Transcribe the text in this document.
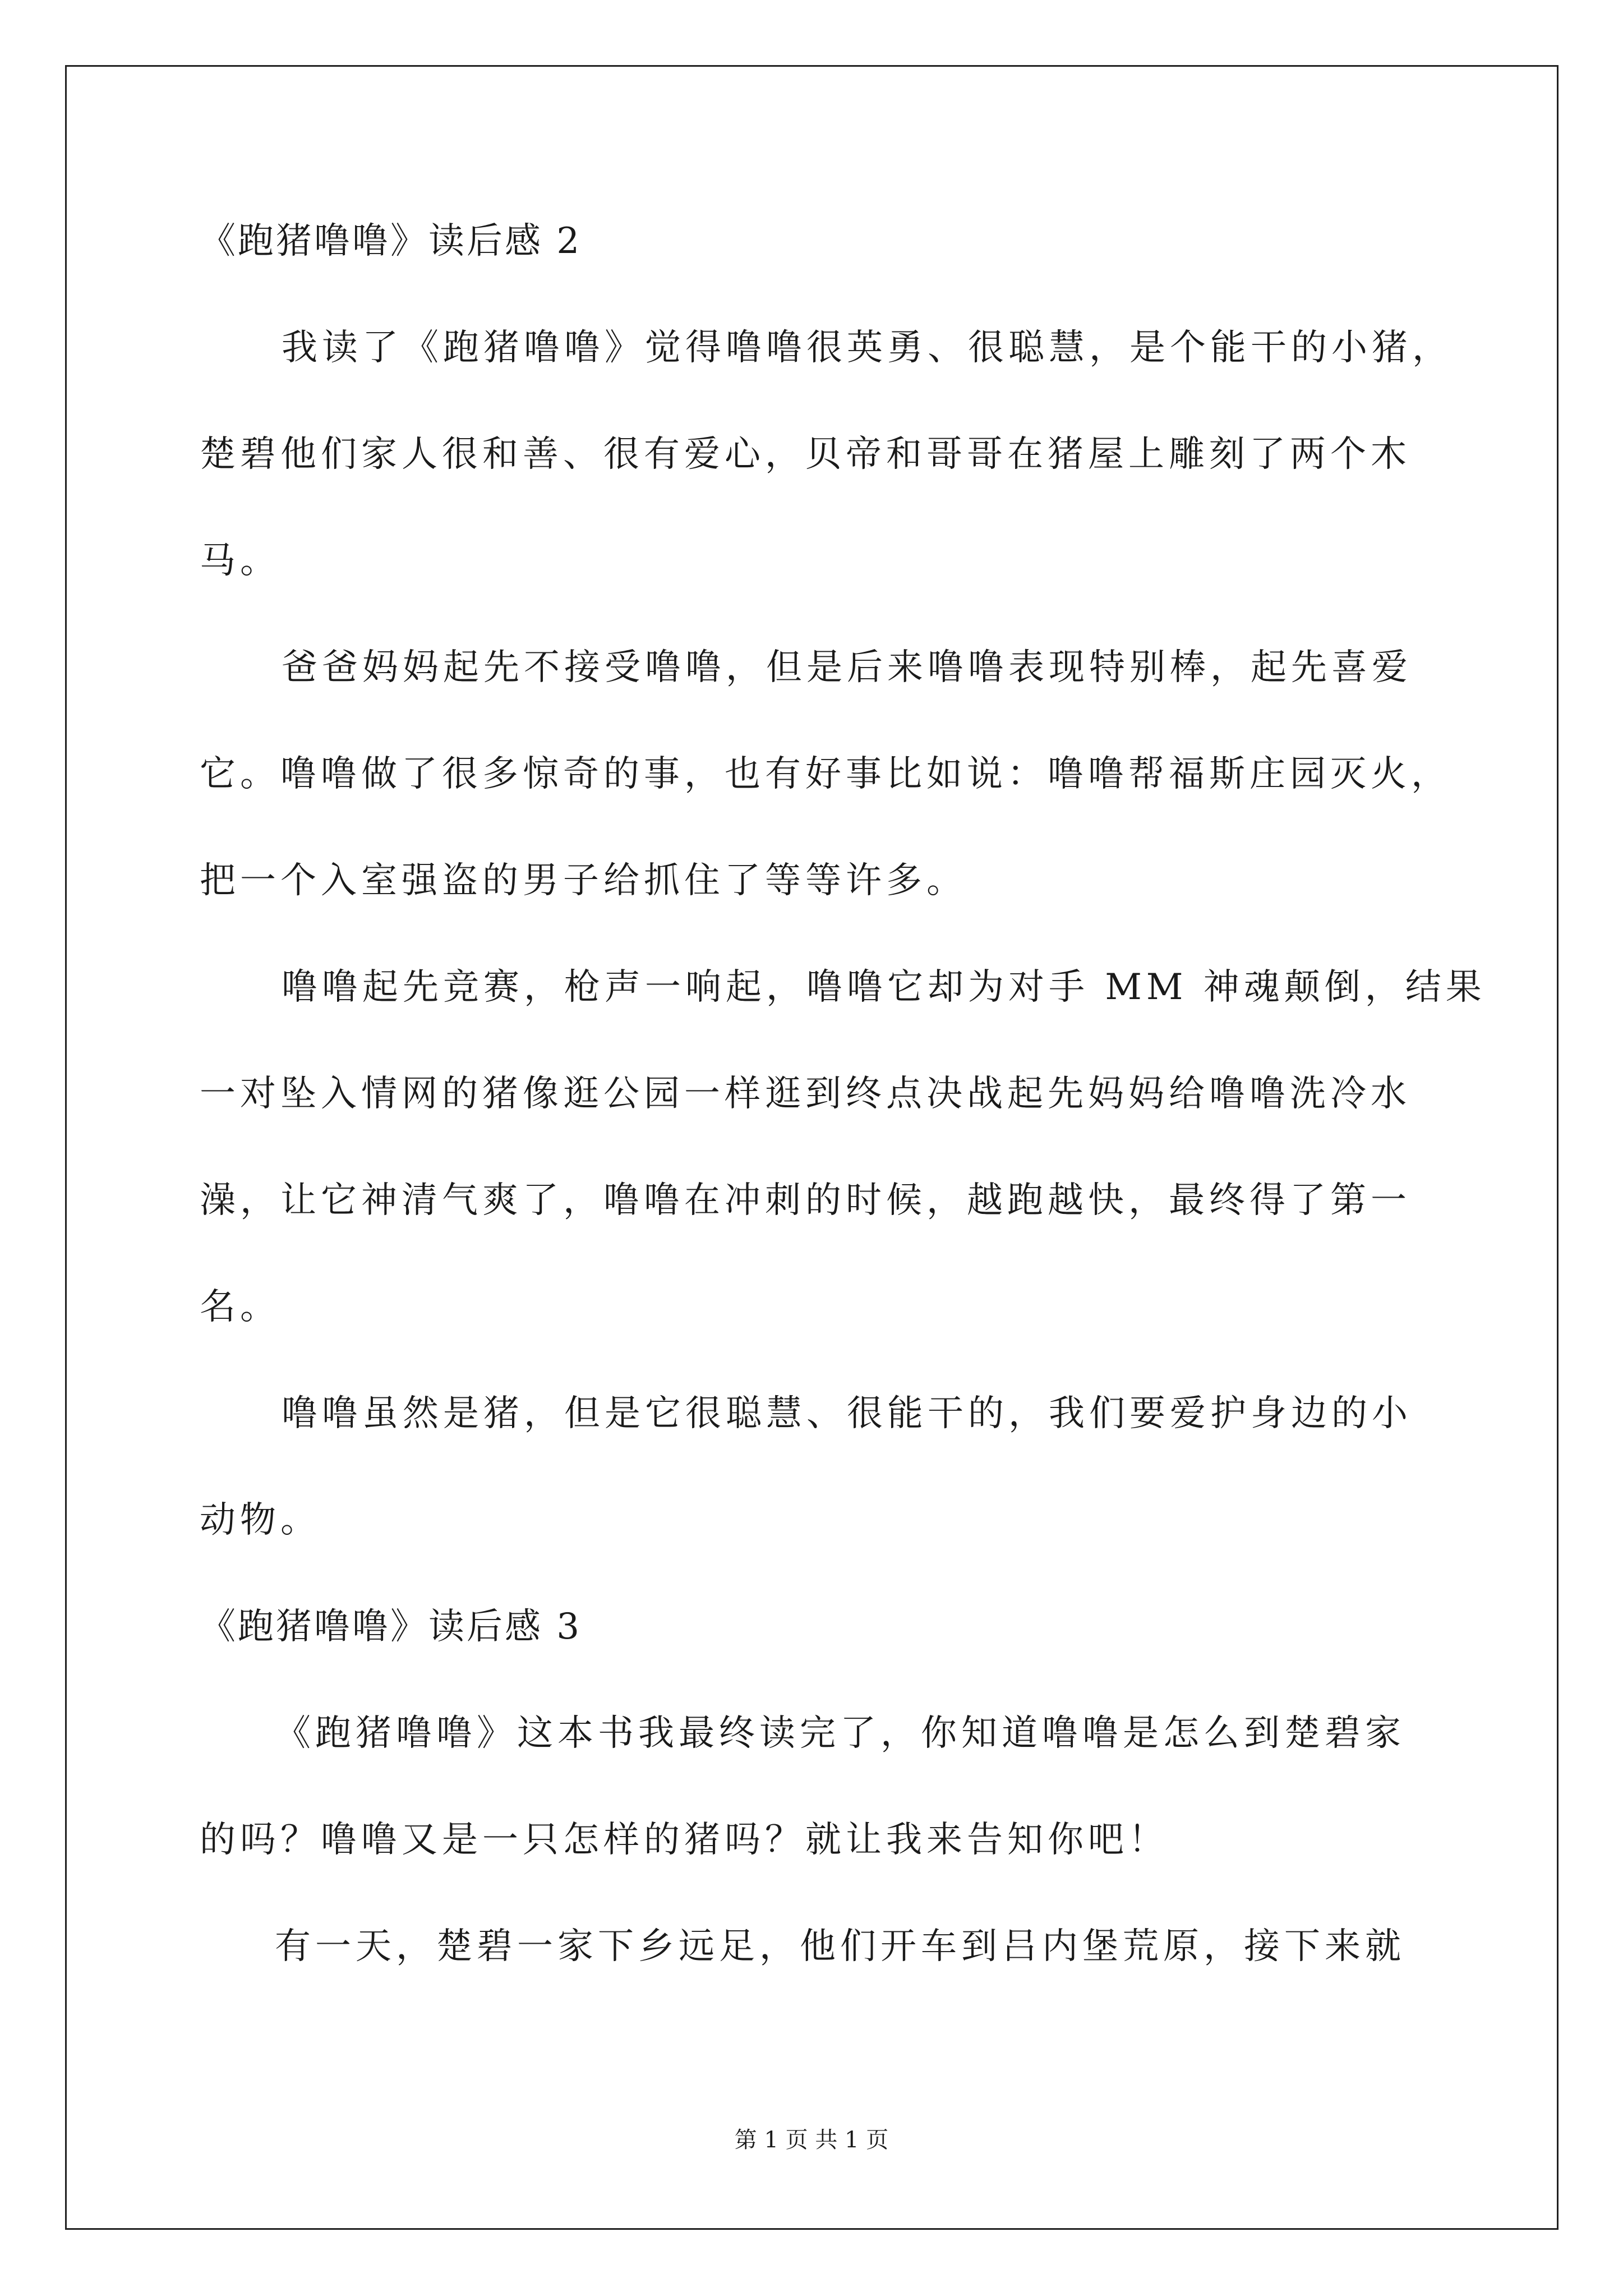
《跑猪噜噜》读后感 2
我读了《跑猪噜噜》觉得噜噜很英勇、很聪慧，是个能干的小猪，
楚碧他们家人很和善、很有爱心，贝帝和哥哥在猪屋上雕刻了两个木
马。
爸爸妈妈起先不接受噜噜，但是后来噜噜表现特别棒，起先喜爱
它。噜噜做了很多惊奇的事，也有好事比如说：噜噜帮福斯庄园灭火，
把一个入室强盗的男子给抓住了等等许多。
噜噜起先竞赛，枪声一响起，噜噜它却为对手 MM 神魂颠倒，结果
一对坠入情网的猪像逛公园一样逛到终点决战起先妈妈给噜噜洗冷水
澡，让它神清气爽了，噜噜在冲刺的时候，越跑越快，最终得了第一
名。
噜噜虽然是猪，但是它很聪慧、很能干的，我们要爱护身边的小
动物。
《跑猪噜噜》读后感 3
《跑猪噜噜》这本书我最终读完了，你知道噜噜是怎么到楚碧家
的吗？噜噜又是一只怎样的猪吗？就让我来告知你吧！
有一天，楚碧一家下乡远足，他们开车到吕内堡荒原，接下来就
第 1 页 共 1 页
